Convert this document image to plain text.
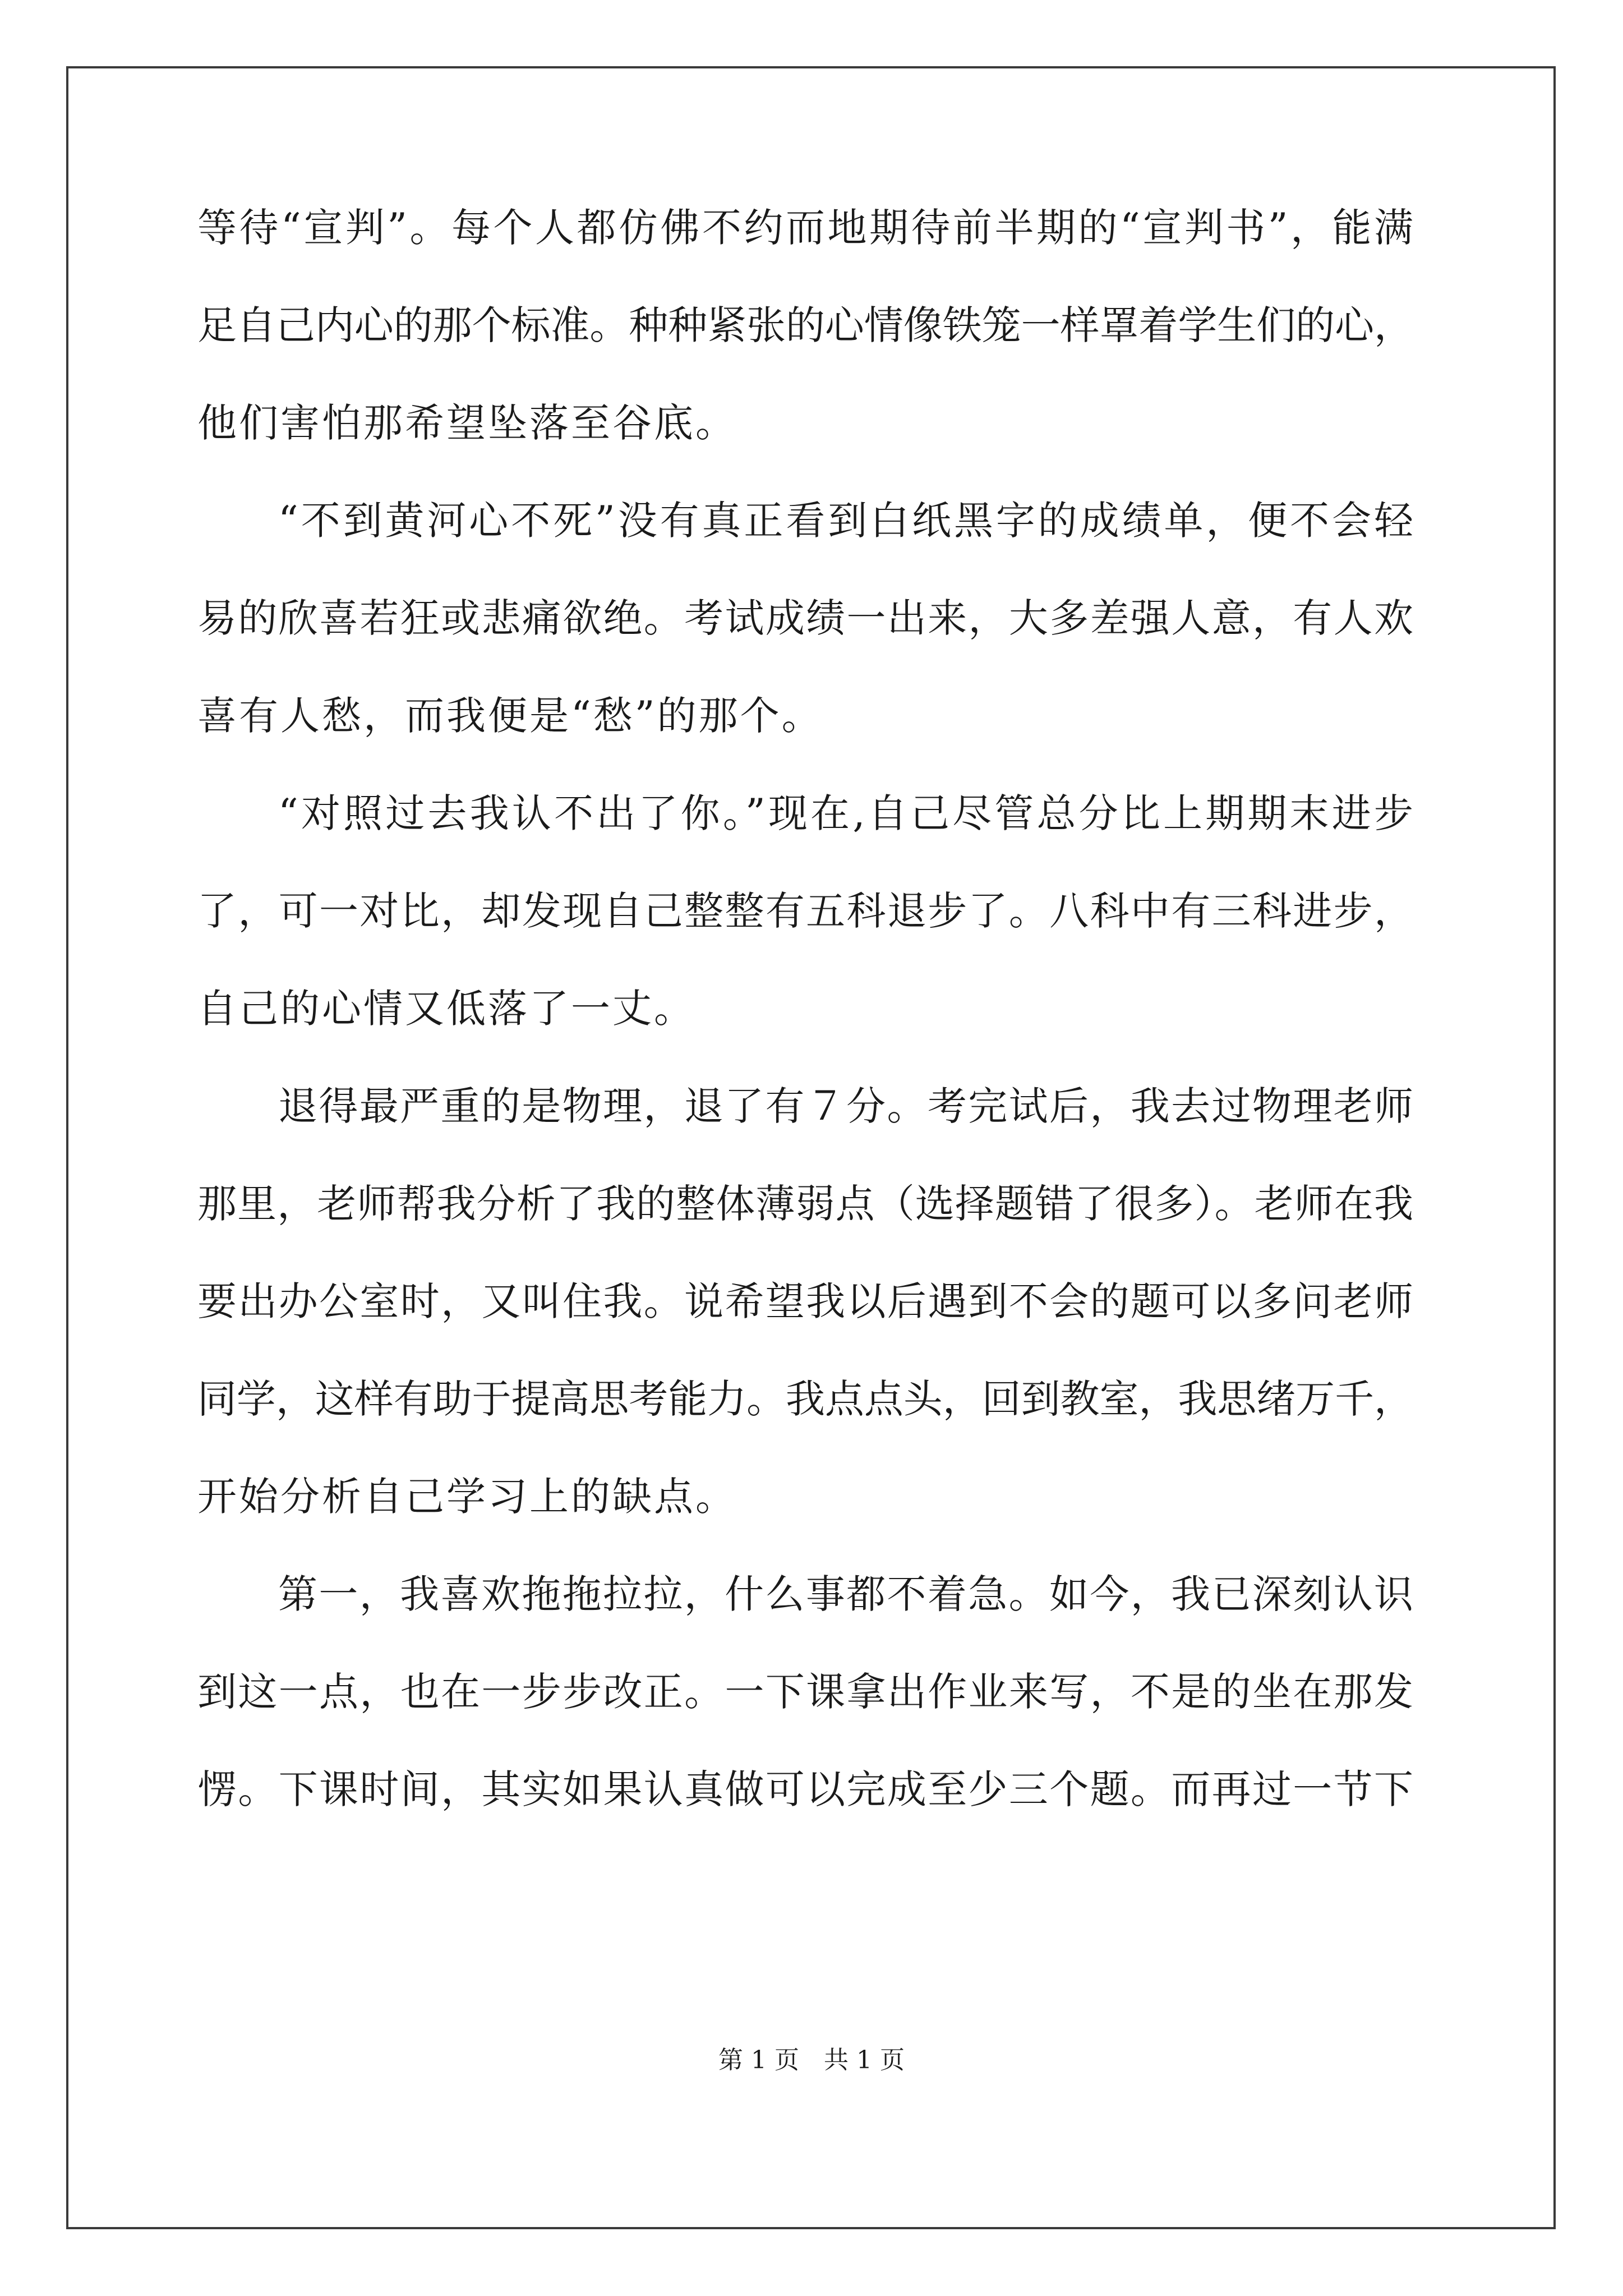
等待“宣判”。每个人都仿佛不约而地期待前半期的“宣判书”，能满
足自己内心的那个标准。种种紧张的心情像铁笼一样罩着学生们的心，
他们害怕那希望坠落至谷底。
“不到黄河心不死”没有真正看到白纸黑字的成绩单，便不会轻
易的欣喜若狂或悲痛欲绝。考试成绩一出来，大多差强人意，有人欢
喜有人愁，而我便是“愁”的那个。
“对照过去我认不出了你。”现在,自己尽管总分比上期期末进步
了，可一对比，却发现自己整整有五科退步了。八科中有三科进步，
自己的心情又低落了一丈。
退得最严重的是物理，退了有７分。考完试后，我去过物理老师
那里，老师帮我分析了我的整体薄弱点（选择题错了很多）。老师在我
要出办公室时，又叫住我。说希望我以后遇到不会的题可以多问老师
同学，这样有助于提高思考能力。我点点头，回到教室，我思绪万千，
开始分析自己学习上的缺点。
第一，我喜欢拖拖拉拉，什么事都不着急。如今，我已深刻认识
到这一点，也在一步步改正。一下课拿出作业来写，不是的坐在那发
愣。下课时间，其实如果认真做可以完成至少三个题。而再过一节下
第 1 页　共 1 页
